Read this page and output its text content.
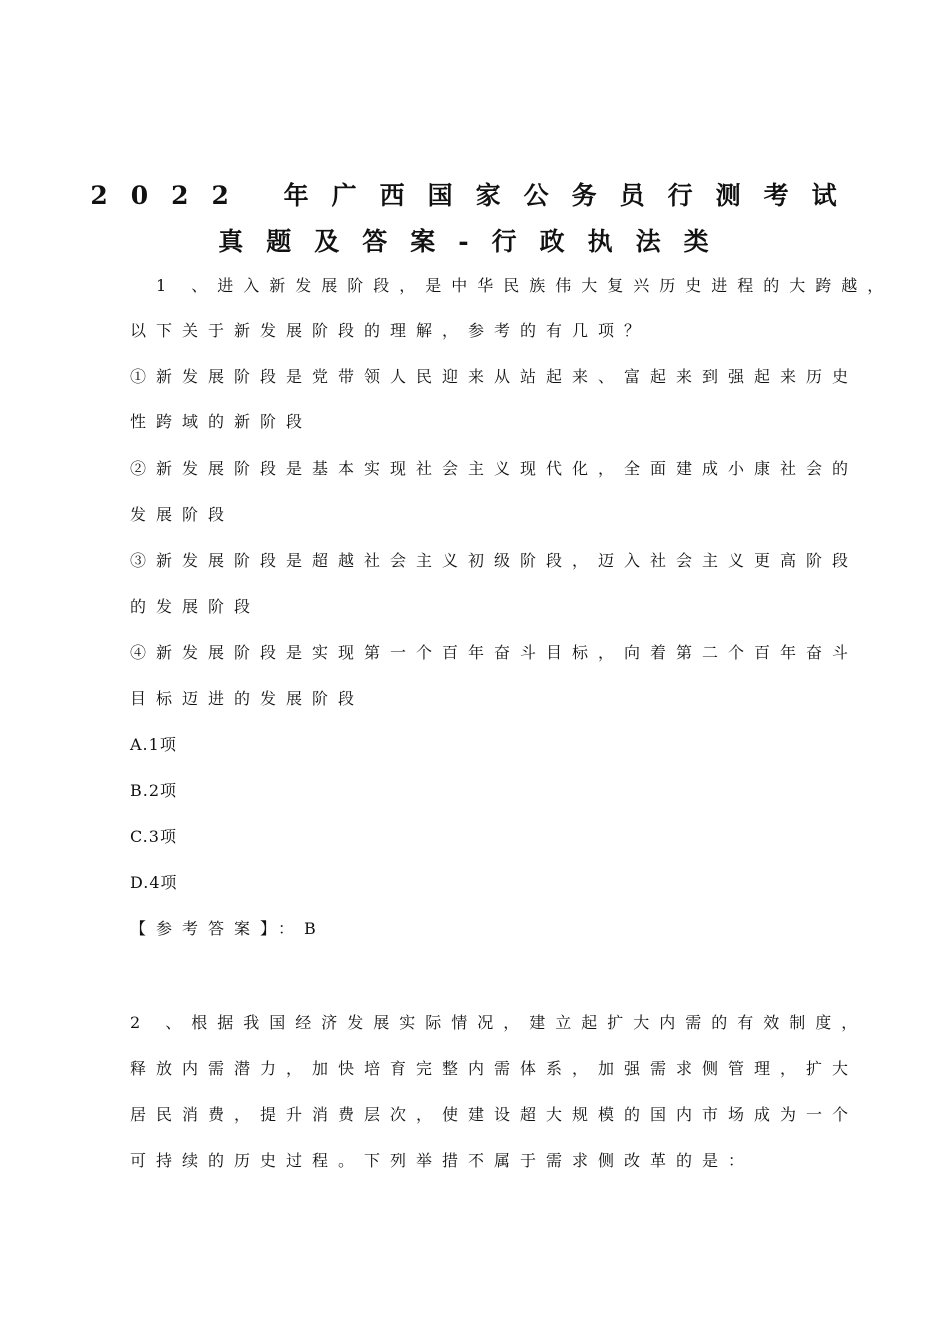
2022 年广西国家公务员行测考试
真题及答案-行政执法类
　1 、进入新发展阶段，是中华民族伟大复兴历史进程的大跨越，
以下关于新发展阶段的理解，参考的有几项？
①新发展阶段是党带领人民迎来从站起来、富起来到强起来历史
性跨域的新阶段
②新发展阶段是基本实现社会主义现代化，全面建成小康社会的
发展阶段
③新发展阶段是超越社会主义初级阶段，迈入社会主义更高阶段
的发展阶段
④新发展阶段是实现第一个百年奋斗目标，向着第二个百年奋斗
目标迈进的发展阶段
A.1项
B.2项
C.3项
D.4项
【参考答案】：B
2 、根据我国经济发展实际情况，建立起扩大内需的有效制度，
释放内需潜力，加快培育完整内需体系，加强需求侧管理，扩大
居民消费，提升消费层次，使建设超大规模的国内市场成为一个
可持续的历史过程。下列举措不属于需求侧改革的是：
